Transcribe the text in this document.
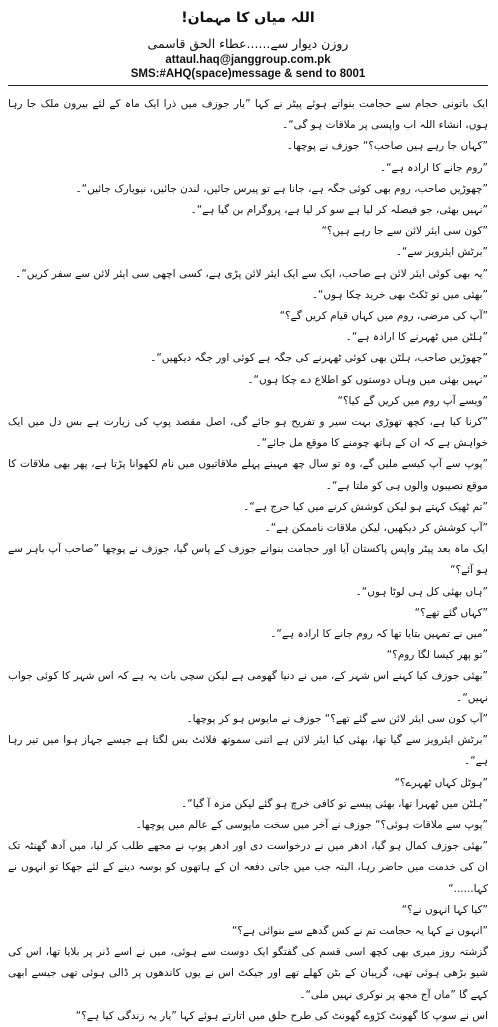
اللہ میاں کا مہمان!
روزن دیوار سے......عطاء الحق قاسمی
attaul.haq@janggroup.com.pk
SMS:#AHQ(space)message & send to 8001

ایک باتونی حجام سے حجامت بنواتے ہوئے پیٹر نے کہا ”یار جوزف میں ذرا ایک ماہ کے لئے بیرون ملک جا رہا ہوں، انشاء اللہ اب واپسی پر ملاقات ہو گی“۔

”کہاں جا رہے ہیں صاحب؟“ جوزف نے پوچھا۔

”روم جانے کا ارادہ ہے“۔

”چھوڑیں صاحب، روم بھی کوئی جگہ ہے، جانا ہے تو پیرس جائیں، لندن جائیں، نیویارک جائیں“۔

”نہیں بھئی، جو فیصلہ کر لیا ہے سو کر لیا ہے، پروگرام بن گیا ہے“۔

”کون سی ایئر لائن سے جا رہے ہیں؟“

”برٹش ایئرویز سے“۔

”یہ بھی کوئی ایئر لائن ہے صاحب، ایک سے ایک ایئر لائن پڑی ہے، کسی اچھی سی ایئر لائن سے سفر کریں“۔

”بھئی میں تو ٹکٹ بھی خرید چکا ہوں“۔

”آپ کی مرضی، روم میں کہاں قیام کریں گے؟“

”ہلٹن میں ٹھہرنے کا ارادہ ہے“۔

”چھوڑیں صاحب، ہلٹن بھی کوئی ٹھہرنے کی جگہ ہے کوئی اور جگہ دیکھیں“۔

”نہیں بھئی میں وہاں دوستوں کو اطلاع دے چکا ہوں“۔

”ویسے آپ روم میں کریں گے کیا؟“

”کرنا کیا ہے، کچھ تھوڑی بہت سیر و تفریح ہو جائے گی، اصل مقصد پوپ کی زیارت ہے بس دل میں ایک خواہش ہے کہ ان کے ہاتھ چومنے کا موقع مل جائے“۔

”پوپ سے آپ کیسے ملیں گے، وہ تو سال چھ مہینے پہلے ملاقاتیوں میں نام لکھوانا پڑتا ہے، پھر بھی ملاقات کا موقع نصیبوں والوں ہی کو ملتا ہے“۔

”تم ٹھیک کہتے ہو لیکن کوشش کرنے میں کیا حرج ہے“۔

”آپ کوشش کر دیکھیں، لیکن ملاقات ناممکن ہے“۔

ایک ماہ بعد پیٹر واپس پاکستان آیا اور حجامت بنوانے جوزف کے پاس گیا، جوزف نے پوچھا ”صاحب آپ باہر سے ہو آئے؟“

”ہاں بھئی کل ہی لوٹا ہوں“۔

”کہاں گئے تھے؟“

”میں نے تمہیں بتایا تھا کہ روم جانے کا ارادہ ہے“۔

”تو پھر کیسا لگا روم؟“

”بھئی جوزف کیا کہنے اس شہر کے، میں نے دنیا گھومی ہے لیکن سچی بات یہ ہے کہ اس شہر کا کوئی جواب نہیں“۔

”آپ کون سی ایئر لائن سے گئے تھے؟“ جوزف نے مایوس ہو کر پوچھا۔

”برٹش ایئرویز سے گیا تھا، بھئی کیا ایئر لائن ہے اتنی سموتھ فلائٹ بس لگتا ہے جیسے جہاز ہوا میں تیر رہا ہے“۔

”ہوٹل کہاں ٹھہرے؟“

”ہلٹن میں ٹھہرا تھا، بھئی پیسے تو کافی خرچ ہو گئے لیکن مزہ آ گیا“۔

”پوپ سے ملاقات ہوئی؟“ جوزف نے آخر میں سخت مایوسی کے عالم میں پوچھا۔

”بھئی جوزف کمال ہو گیا، ادھر میں نے درخواست دی اور ادھر پوپ نے مجھے طلب کر لیا، میں آدھ گھنٹہ تک ان کی خدمت میں حاضر رہا، البتہ جب میں جاتی دفعہ ان کے ہاتھوں کو بوسہ دینے کے لئے جھکا تو انہوں نے کہا......“

”کیا کہا انہوں نے؟“

”انہوں نے کہا یہ حجامت تم نے کس گدھے سے بنوائی ہے؟“

گزشتہ روز میری بھی کچھ اسی قسم کی گفتگو ایک دوست سے ہوئی، میں نے اسے ڈنر پر بلایا تھا، اس کی شیو بڑھی ہوئی تھی، گریبان کے بٹن کھلے تھے اور جیکٹ اس نے یوں کاندھوں پر ڈالی ہوئی تھی جیسے ابھی کہے گا ”ماں آج مجھ پر نوکری نہیں ملی“۔

اس نے سوپ کا گھونٹ کڑوے گھونٹ کی طرح حلق میں اتارتے ہوئے کہا ”یار یہ زندگی کیا ہے؟“
